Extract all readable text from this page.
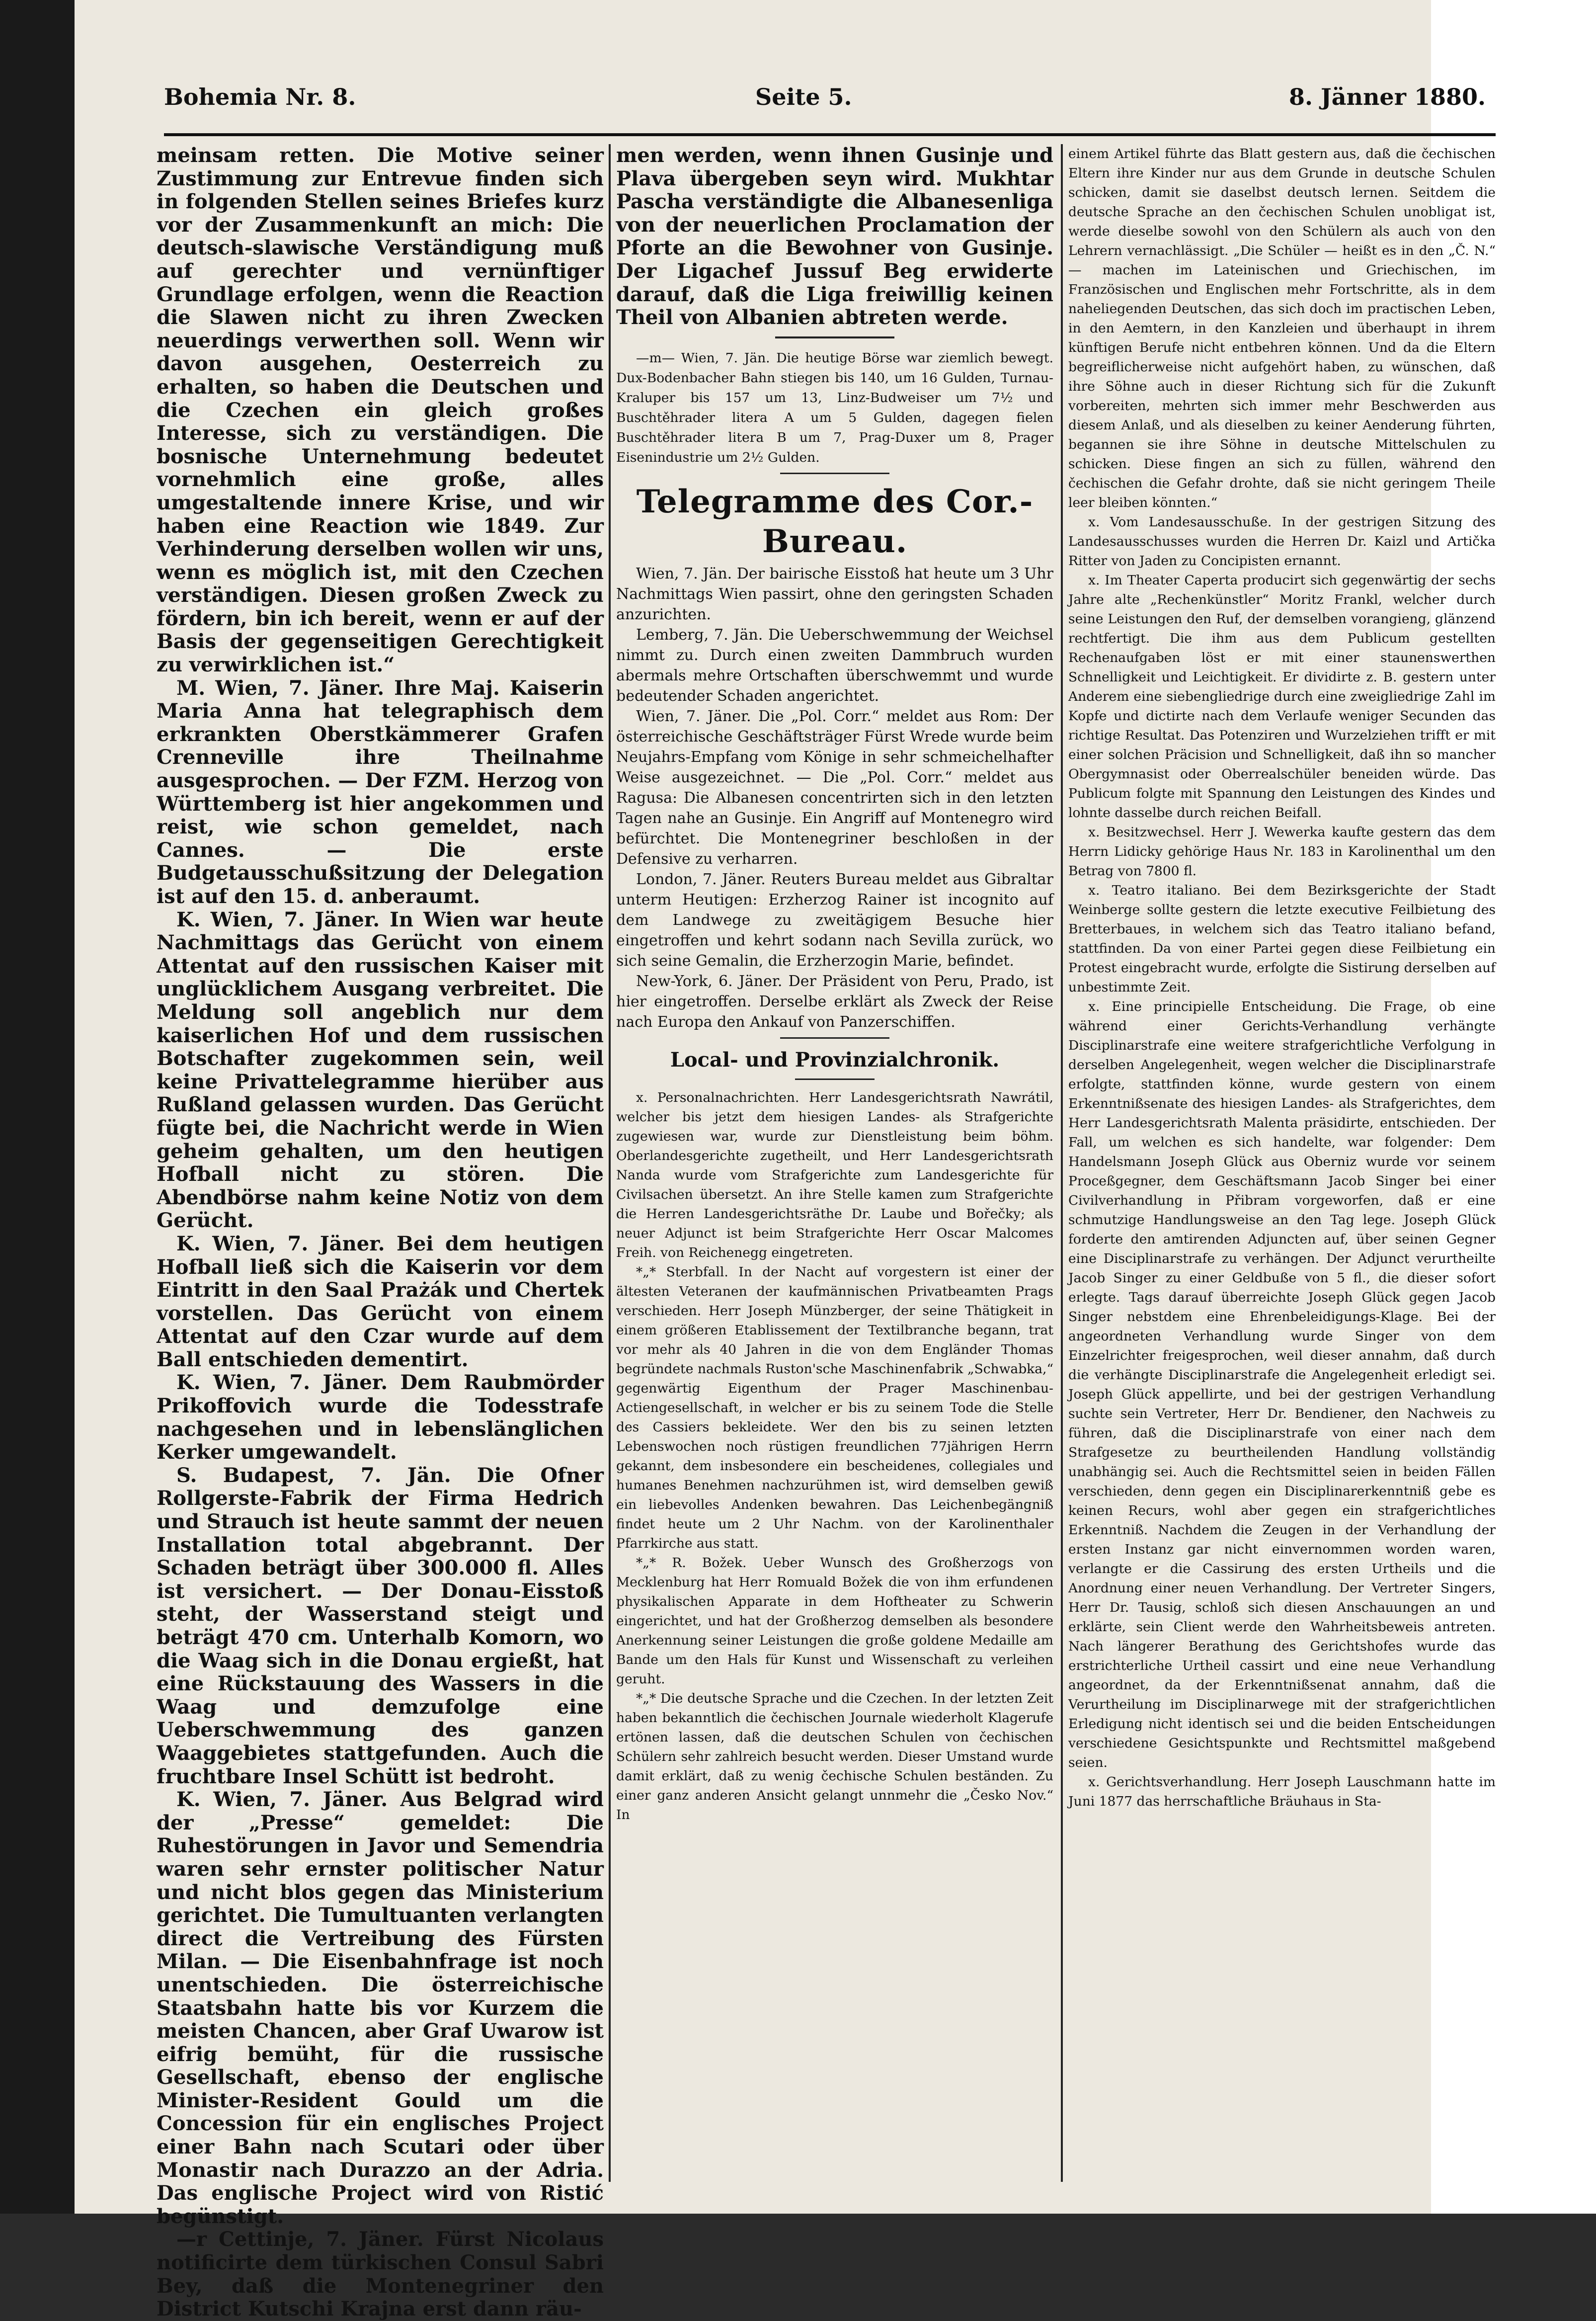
Bohemia Nr. 8.	Seite 5.	8. Jänner 1880.

meinsam retten. Die Motive seiner Zustimmung zur Entrevue finden sich in folgenden Stellen seines Briefes kurz vor der Zusammenkunft an mich: Die deutsch-slawische Verständigung muß auf gerechter und vernünftiger Grundlage erfolgen, wenn die Reaction die Slawen nicht zu ihren Zwecken neuerdings verwerthen soll. Wenn wir davon ausgehen, Oesterreich zu erhalten, so haben die Deutschen und die Czechen ein gleich großes Interesse, sich zu verständigen. Die bosnische Unternehmung bedeutet vornehmlich eine große, alles umgestaltende innere Krise, und wir haben eine Reaction wie 1849. Zur Verhinderung derselben wollen wir uns, wenn es möglich ist, mit den Czechen verständigen. Diesen großen Zweck zu fördern, bin ich bereit, wenn er auf der Basis der gegenseitigen Gerechtigkeit zu verwirklichen ist.“

M. Wien, 7. Jäner. Ihre Maj. Kaiserin Maria Anna hat telegraphisch dem erkrankten Oberstkämmerer Grafen Crenneville ihre Theilnahme ausgesprochen. — Der FZM. Herzog von Württemberg ist hier angekommen und reist, wie schon gemeldet, nach Cannes. — Die erste Budgetausschußsitzung der Delegation ist auf den 15. d. anberaumt.

K. Wien, 7. Jäner. In Wien war heute Nachmittags das Gerücht von einem Attentat auf den russischen Kaiser mit unglücklichem Ausgang verbreitet. Die Meldung soll angeblich nur dem kaiserlichen Hof und dem russischen Botschafter zugekommen sein, weil keine Privattelegramme hierüber aus Rußland gelassen wurden. Das Gerücht fügte bei, die Nachricht werde in Wien geheim gehalten, um den heutigen Hofball nicht zu stören. Die Abendbörse nahm keine Notiz von dem Gerücht.

K. Wien, 7. Jäner. Bei dem heutigen Hofball ließ sich die Kaiserin vor dem Eintritt in den Saal Prażák und Chertek vorstellen. Das Gerücht von einem Attentat auf den Czar wurde auf dem Ball entschieden dementirt.

K. Wien, 7. Jäner. Dem Raubmörder Prikoffovich wurde die Todesstrafe nachgesehen und in lebenslänglichen Kerker umgewandelt.

S. Budapest, 7. Jän. Die Ofner Rollgerste-Fabrik der Firma Hedrich und Strauch ist heute sammt der neuen Installation total abgebrannt. Der Schaden beträgt über 300.000 fl. Alles ist versichert. — Der Donau-Eisstoß steht, der Wasserstand steigt und beträgt 470 cm. Unterhalb Komorn, wo die Waag sich in die Donau ergießt, hat eine Rückstauung des Wassers in die Waag und demzufolge eine Ueberschwemmung des ganzen Waaggebietes stattgefunden. Auch die fruchtbare Insel Schütt ist bedroht.

K. Wien, 7. Jäner. Aus Belgrad wird der „Presse“ gemeldet: Die Ruhestörungen in Javor und Semendria waren sehr ernster politischer Natur und nicht blos gegen das Ministerium gerichtet. Die Tumultuanten verlangten direct die Vertreibung des Fürsten Milan. — Die Eisenbahnfrage ist noch unentschieden. Die österreichische Staatsbahn hatte bis vor Kurzem die meisten Chancen, aber Graf Uwarow ist eifrig bemüht, für die russische Gesellschaft, ebenso der englische Minister-Resident Gould um die Concession für ein englisches Project einer Bahn nach Scutari oder über Monastir nach Durazzo an der Adria. Das englische Project wird von Ristić begünstigt.

—r Cettinje, 7. Jäner. Fürst Nicolaus notificirte dem türkischen Consul Sabri Bey, daß die Montenegriner den District Kutschi Krajna erst dann räu-

men werden, wenn ihnen Gusinje und Plava übergeben seyn wird. Mukhtar Pascha verständigte die Albanesenliga von der neuerlichen Proclamation der Pforte an die Bewohner von Gusinje. Der Ligachef Jussuf Beg erwiderte darauf, daß die Liga freiwillig keinen Theil von Albanien abtreten werde.

—m— Wien, 7. Jän. Die heutige Börse war ziemlich bewegt. Dux-Bodenbacher Bahn stiegen bis 140, um 16 Gulden, Turnau-Kraluper bis 157 um 13, Linz-Budweiser um 7½ und Buschtěhrader litera A um 5 Gulden, dagegen fielen Buschtěhrader litera B um 7, Prag-Duxer um 8, Prager Eisenindustrie um 2½ Gulden.

Telegramme des Cor.-Bureau.

Wien, 7. Jän. Der bairische Eisstoß hat heute um 3 Uhr Nachmittags Wien passirt, ohne den geringsten Schaden anzurichten.

Lemberg, 7. Jän. Die Ueberschwemmung der Weichsel nimmt zu. Durch einen zweiten Dammbruch wurden abermals mehre Ortschaften überschwemmt und wurde bedeutender Schaden angerichtet.

Wien, 7. Jäner. Die „Pol. Corr.“ meldet aus Rom: Der österreichische Geschäftsträger Fürst Wrede wurde beim Neujahrs-Empfang vom Könige in sehr schmeichelhafter Weise ausgezeichnet. — Die „Pol. Corr.“ meldet aus Ragusa: Die Albanesen concentrirten sich in den letzten Tagen nahe an Gusinje. Ein Angriff auf Montenegro wird befürchtet. Die Montenegriner beschloßen in der Defensive zu verharren.

London, 7. Jäner. Reuters Bureau meldet aus Gibraltar unterm Heutigen: Erzherzog Rainer ist incognito auf dem Landwege zu zweitägigem Besuche hier eingetroffen und kehrt sodann nach Sevilla zurück, wo sich seine Gemalin, die Erzherzogin Marie, befindet.

New-York, 6. Jäner. Der Präsident von Peru, Prado, ist hier eingetroffen. Derselbe erklärt als Zweck der Reise nach Europa den Ankauf von Panzerschiffen.

Local- und Provinzialchronik.

x. Personalnachrichten. Herr Landesgerichtsrath Nawrátil, welcher bis jetzt dem hiesigen Landes- als Strafgerichte zugewiesen war, wurde zur Dienstleistung beim böhm. Oberlandesgerichte zugetheilt, und Herr Landesgerichtsrath Nanda wurde vom Strafgerichte zum Landesgerichte für Civilsachen übersetzt. An ihre Stelle kamen zum Strafgerichte die Herren Landesgerichtsräthe Dr. Laube und Bořečky; als neuer Adjunct ist beim Strafgerichte Herr Oscar Malcomes Freih. von Reichenegg eingetreten.

*„* Sterbfall. In der Nacht auf vorgestern ist einer der ältesten Veteranen der kaufmännischen Privatbeamten Prags verschieden. Herr Joseph Münzberger, der seine Thätigkeit in einem größeren Etablissement der Textilbranche begann, trat vor mehr als 40 Jahren in die von dem Engländer Thomas begründete nachmals Ruston'sche Maschinenfabrik „Schwabka,“ gegenwärtig Eigenthum der Prager Maschinenbau-Actiengesellschaft, in welcher er bis zu seinem Tode die Stelle des Cassiers bekleidete. Wer den bis zu seinen letzten Lebenswochen noch rüstigen freundlichen 77jährigen Herrn gekannt, dem insbesondere ein bescheidenes, collegiales und humanes Benehmen nachzurühmen ist, wird demselben gewiß ein liebevolles Andenken bewahren. Das Leichenbegängniß findet heute um 2 Uhr Nachm. von der Karolinenthaler Pfarrkirche aus statt.

*„* R. Božek. Ueber Wunsch des Großherzogs von Mecklenburg hat Herr Romuald Božek die von ihm erfundenen physikalischen Apparate in dem Hoftheater zu Schwerin eingerichtet, und hat der Großherzog demselben als besondere Anerkennung seiner Leistungen die große goldene Medaille am Bande um den Hals für Kunst und Wissenschaft zu verleihen geruht.

*„* Die deutsche Sprache und die Czechen. In der letzten Zeit haben bekanntlich die čechischen Journale wiederholt Klagerufe ertönen lassen, daß die deutschen Schulen von čechischen Schülern sehr zahlreich besucht werden. Dieser Umstand wurde damit erklärt, daß zu wenig čechische Schulen beständen. Zu einer ganz anderen Ansicht gelangt unnmehr die „Česko Nov.“ In

einem Artikel führte das Blatt gestern aus, daß die čechischen Eltern ihre Kinder nur aus dem Grunde in deutsche Schulen schicken, damit sie daselbst deutsch lernen. Seitdem die deutsche Sprache an den čechischen Schulen unobligat ist, werde dieselbe sowohl von den Schülern als auch von den Lehrern vernachlässigt. „Die Schüler — heißt es in den „Č. N.“ — machen im Lateinischen und Griechischen, im Französischen und Englischen mehr Fortschritte, als in dem naheliegenden Deutschen, das sich doch im practischen Leben, in den Aemtern, in den Kanzleien und überhaupt in ihrem künftigen Berufe nicht entbehren können. Und da die Eltern begreiflicherweise nicht aufgehört haben, zu wünschen, daß ihre Söhne auch in dieser Richtung sich für die Zukunft vorbereiten, mehrten sich immer mehr Beschwerden aus diesem Anlaß, und als dieselben zu keiner Aenderung führten, begannen sie ihre Söhne in deutsche Mittelschulen zu schicken. Diese fingen an sich zu füllen, während den čechischen die Gefahr drohte, daß sie nicht geringem Theile leer bleiben könnten.“

x. Vom Landesausschuße. In der gestrigen Sitzung des Landesausschusses wurden die Herren Dr. Kaizl und Artička Ritter von Jaden zu Concipisten ernannt.

x. Im Theater Caperta producirt sich gegenwärtig der sechs Jahre alte „Rechenkünstler“ Moritz Frankl, welcher durch seine Leistungen den Ruf, der demselben vorangieng, glänzend rechtfertigt. Die ihm aus dem Publicum gestellten Rechenaufgaben löst er mit einer staunenswerthen Schnelligkeit und Leichtigkeit. Er dividirte z. B. gestern unter Anderem eine siebengliedrige durch eine zweigliedrige Zahl im Kopfe und dictirte nach dem Verlaufe weniger Secunden das richtige Resultat. Das Potenziren und Wurzelziehen trifft er mit einer solchen Präcision und Schnelligkeit, daß ihn so mancher Obergymnasist oder Oberrealschüler beneiden würde. Das Publicum folgte mit Spannung den Leistungen des Kindes und lohnte dasselbe durch reichen Beifall.

x. Besitzwechsel. Herr J. Wewerka kaufte gestern das dem Herrn Lidicky gehörige Haus Nr. 183 in Karolinenthal um den Betrag von 7800 fl.

x. Teatro italiano. Bei dem Bezirksgerichte der Stadt Weinberge sollte gestern die letzte executive Feilbietung des Bretterbaues, in welchem sich das Teatro italiano befand, stattfinden. Da von einer Partei gegen diese Feilbietung ein Protest eingebracht wurde, erfolgte die Sistirung derselben auf unbestimmte Zeit.

x. Eine principielle Entscheidung. Die Frage, ob eine während einer Gerichts-Verhandlung verhängte Disciplinarstrafe eine weitere strafgerichtliche Verfolgung in derselben Angelegenheit, wegen welcher die Disciplinarstrafe erfolgte, stattfinden könne, wurde gestern von einem Erkenntnißsenate des hiesigen Landes- als Strafgerichtes, dem Herr Landesgerichtsrath Malenta präsidirte, entschieden. Der Fall, um welchen es sich handelte, war folgender: Dem Handelsmann Joseph Glück aus Oberniz wurde vor seinem Proceßgegner, dem Geschäftsmann Jacob Singer bei einer Civilverhandlung in Přibram vorgeworfen, daß er eine schmutzige Handlungsweise an den Tag lege. Joseph Glück forderte den amtirenden Adjuncten auf, über seinen Gegner eine Disciplinarstrafe zu verhängen. Der Adjunct verurtheilte Jacob Singer zu einer Geldbuße von 5 fl., die dieser sofort erlegte. Tags darauf überreichte Joseph Glück gegen Jacob Singer nebstdem eine Ehrenbeleidigungs-Klage. Bei der angeordneten Verhandlung wurde Singer von dem Einzelrichter freigesprochen, weil dieser annahm, daß durch die verhängte Disciplinarstrafe die Angelegenheit erledigt sei. Joseph Glück appellirte, und bei der gestrigen Verhandlung suchte sein Vertreter, Herr Dr. Bendiener, den Nachweis zu führen, daß die Disciplinarstrafe von einer nach dem Strafgesetze zu beurtheilenden Handlung vollständig unabhängig sei. Auch die Rechtsmittel seien in beiden Fällen verschieden, denn gegen ein Disciplinarerkenntniß gebe es keinen Recurs, wohl aber gegen ein strafgerichtliches Erkenntniß. Nachdem die Zeugen in der Verhandlung der ersten Instanz gar nicht einvernommen worden waren, verlangte er die Cassirung des ersten Urtheils und die Anordnung einer neuen Verhandlung. Der Vertreter Singers, Herr Dr. Tausig, schloß sich diesen Anschauungen an und erklärte, sein Client werde den Wahrheitsbeweis antreten. Nach längerer Berathung des Gerichtshofes wurde das erstrichterliche Urtheil cassirt und eine neue Verhandlung angeordnet, da der Erkenntnißsenat annahm, daß die Verurtheilung im Disciplinarwege mit der strafgerichtlichen Erledigung nicht identisch sei und die beiden Entscheidungen verschiedene Gesichtspunkte und Rechtsmittel maßgebend seien.

x. Gerichtsverhandlung. Herr Joseph Lauschmann hatte im Juni 1877 das herrschaftliche Bräuhaus in Sta-
